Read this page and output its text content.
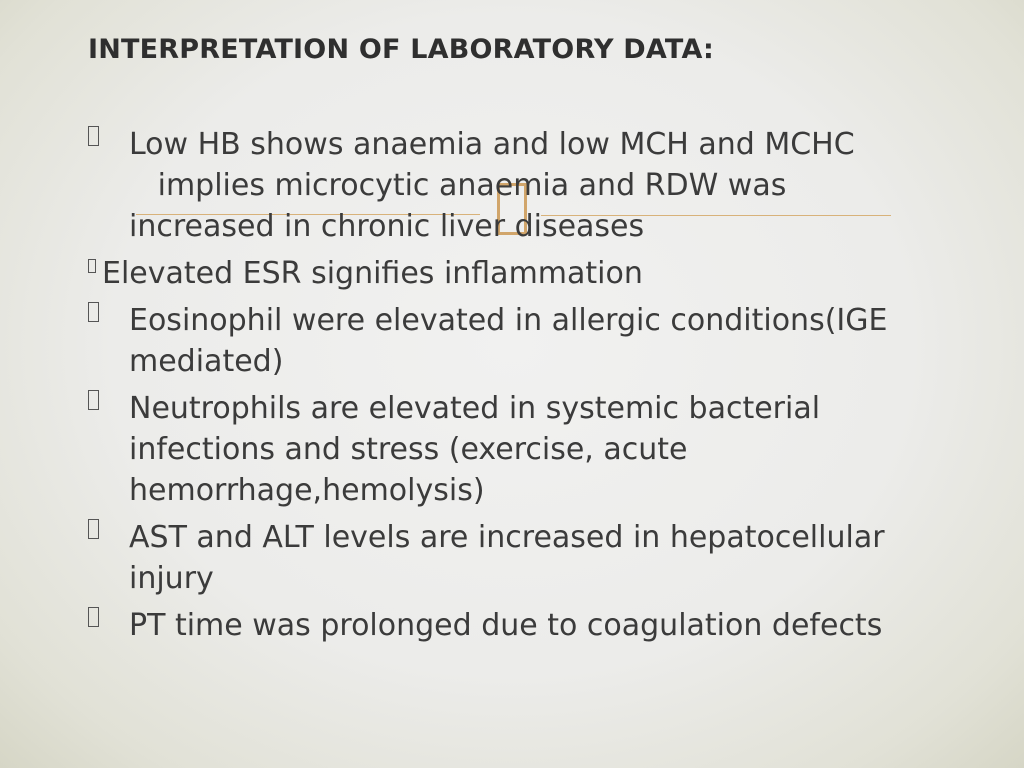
INTERPRETATION OF LABORATORY DATA:
Low HB shows anaemia and low MCH and MCHC
implies microcytic anaemia and RDW was
increased in chronic liver diseases
Elevated ESR signifies inflammation
Eosinophil were elevated in allergic conditions(IGE
mediated)
Neutrophils are elevated in systemic bacterial
infections and stress (exercise, acute
hemorrhage,hemolysis)
AST and ALT levels are increased in hepatocellular
injury
PT time was prolonged due to coagulation defects
